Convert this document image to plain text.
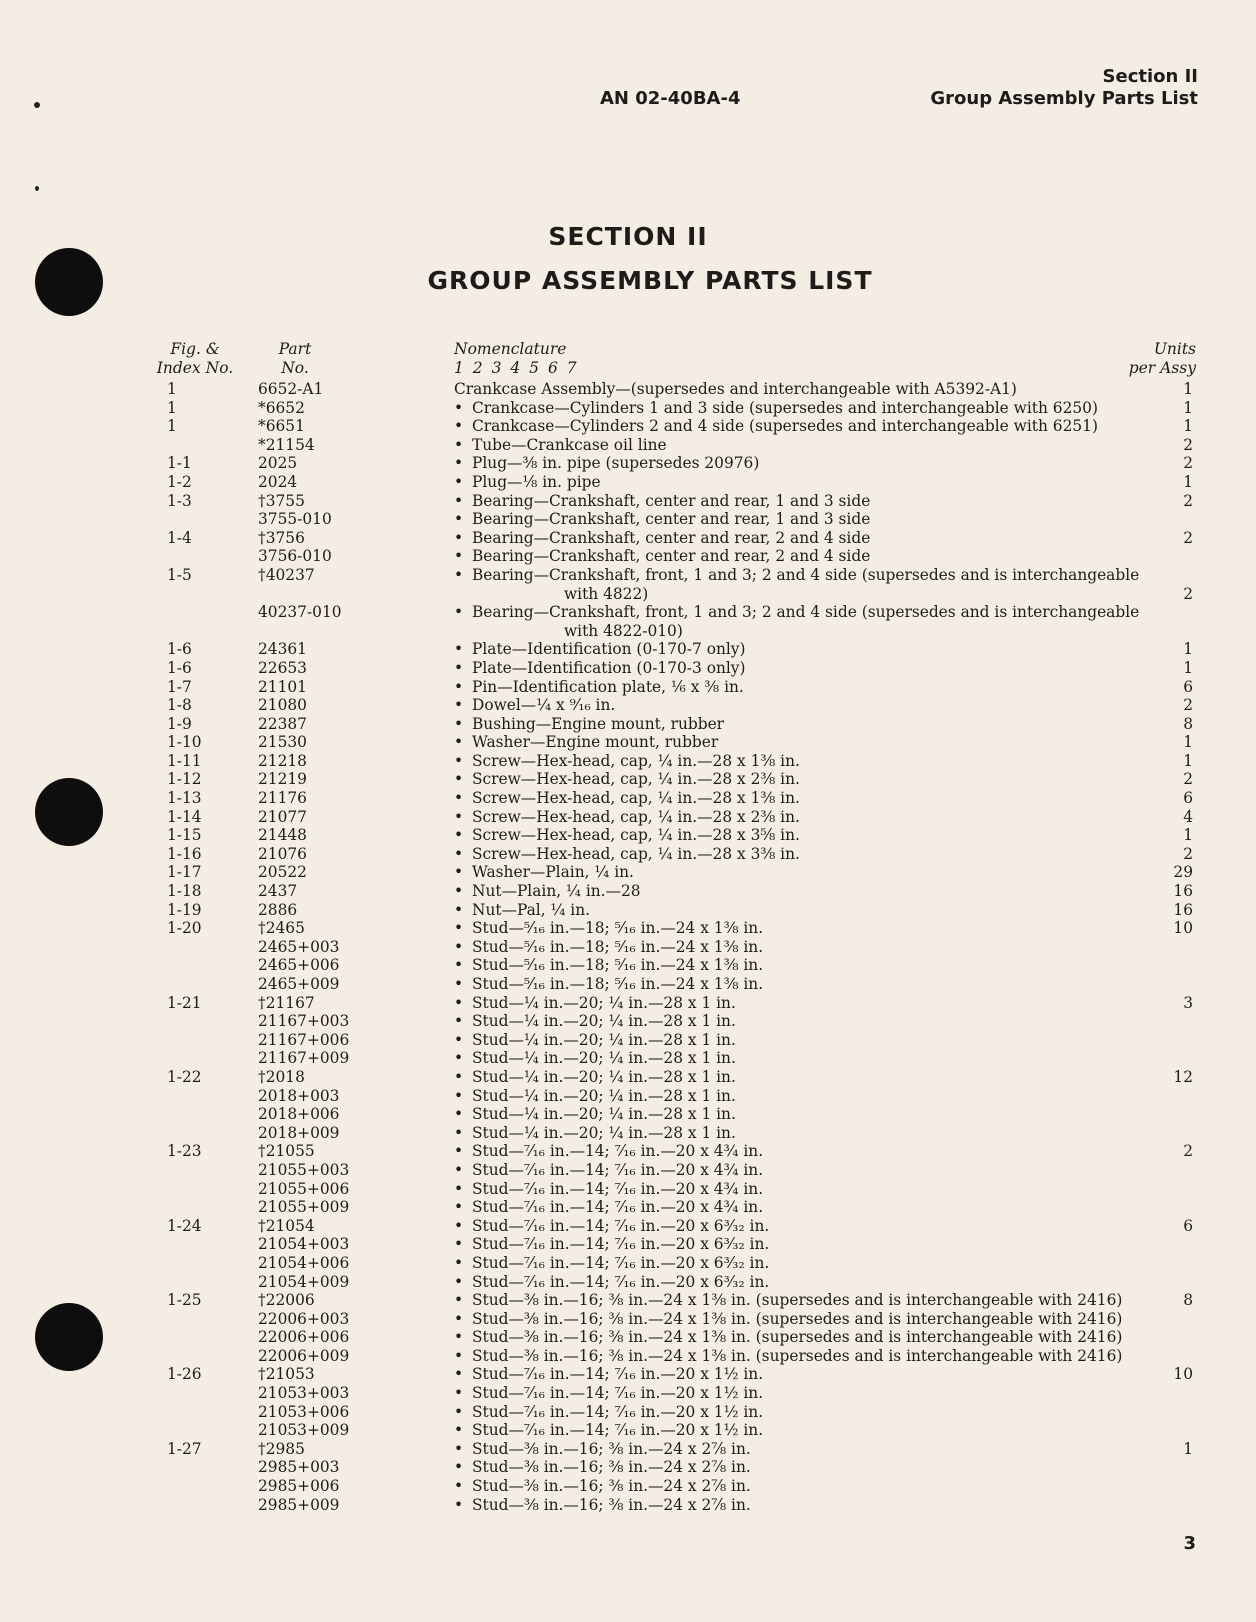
AN 02-40BA-4
Section II
Group Assembly Parts List
SECTION II
GROUP ASSEMBLY PARTS LIST
Fig. &
Index No.
Part
No.
Nomenclature
1 2 3 4 5 6 7
Units
per Assy
1	6652-A1	Crankcase Assembly—(supersedes and interchangeable with A5392-A1)	1
1	*6652	• Crankcase—Cylinders 1 and 3 side (supersedes and interchangeable with 6250)	1
1	*6651	• Crankcase—Cylinders 2 and 4 side (supersedes and interchangeable with 6251)	1
*21154	• Tube—Crankcase oil line	2
1-1	2025	• Plug—⅜ in. pipe (supersedes 20976)	2
1-2	2024	• Plug—⅛ in. pipe	1
1-3	†3755	• Bearing—Crankshaft, center and rear, 1 and 3 side	2
3755-010	• Bearing—Crankshaft, center and rear, 1 and 3 side
1-4	†3756	• Bearing—Crankshaft, center and rear, 2 and 4 side	2
3756-010	• Bearing—Crankshaft, center and rear, 2 and 4 side
1-5	†40237	• Bearing—Crankshaft, front, 1 and 3; 2 and 4 side (supersedes and is interchangeable
with 4822)	2
40237-010	• Bearing—Crankshaft, front, 1 and 3; 2 and 4 side (supersedes and is interchangeable
with 4822-010)
1-6	24361	• Plate—Identification (0-170-7 only)	1
1-6	22653	• Plate—Identification (0-170-3 only)	1
1-7	21101	• Pin—Identification plate, ⅙ x ⅜ in.	6
1-8	21080	• Dowel—¼ x ⁹⁄₁₆ in.	2
1-9	22387	• Bushing—Engine mount, rubber	8
1-10	21530	• Washer—Engine mount, rubber	1
1-11	21218	• Screw—Hex-head, cap, ¼ in.—28 x 1⅜ in.	1
1-12	21219	• Screw—Hex-head, cap, ¼ in.—28 x 2⅜ in.	2
1-13	21176	• Screw—Hex-head, cap, ¼ in.—28 x 1⅜ in.	6
1-14	21077	• Screw—Hex-head, cap, ¼ in.—28 x 2⅜ in.	4
1-15	21448	• Screw—Hex-head, cap, ¼ in.—28 x 3⅝ in.	1
1-16	21076	• Screw—Hex-head, cap, ¼ in.—28 x 3⅜ in.	2
1-17	20522	• Washer—Plain, ¼ in.	29
1-18	2437	• Nut—Plain, ¼ in.—28	16
1-19	2886	• Nut—Pal, ¼ in.	16
1-20	†2465	• Stud—⁵⁄₁₆ in.—18; ⁵⁄₁₆ in.—24 x 1⅜ in.	10
2465+003	• Stud—⁵⁄₁₆ in.—18; ⁵⁄₁₆ in.—24 x 1⅜ in.
2465+006	• Stud—⁵⁄₁₆ in.—18; ⁵⁄₁₆ in.—24 x 1⅜ in.
2465+009	• Stud—⁵⁄₁₆ in.—18; ⁵⁄₁₆ in.—24 x 1⅜ in.
1-21	†21167	• Stud—¼ in.—20; ¼ in.—28 x 1 in.	3
21167+003	• Stud—¼ in.—20; ¼ in.—28 x 1 in.
21167+006	• Stud—¼ in.—20; ¼ in.—28 x 1 in.
21167+009	• Stud—¼ in.—20; ¼ in.—28 x 1 in.
1-22	†2018	• Stud—¼ in.—20; ¼ in.—28 x 1 in.	12
2018+003	• Stud—¼ in.—20; ¼ in.—28 x 1 in.
2018+006	• Stud—¼ in.—20; ¼ in.—28 x 1 in.
2018+009	• Stud—¼ in.—20; ¼ in.—28 x 1 in.
1-23	†21055	• Stud—⁷⁄₁₆ in.—14; ⁷⁄₁₆ in.—20 x 4¾ in.	2
21055+003	• Stud—⁷⁄₁₆ in.—14; ⁷⁄₁₆ in.—20 x 4¾ in.
21055+006	• Stud—⁷⁄₁₆ in.—14; ⁷⁄₁₆ in.—20 x 4¾ in.
21055+009	• Stud—⁷⁄₁₆ in.—14; ⁷⁄₁₆ in.—20 x 4¾ in.
1-24	†21054	• Stud—⁷⁄₁₆ in.—14; ⁷⁄₁₆ in.—20 x 6³⁄₃₂ in.	6
21054+003	• Stud—⁷⁄₁₆ in.—14; ⁷⁄₁₆ in.—20 x 6³⁄₃₂ in.
21054+006	• Stud—⁷⁄₁₆ in.—14; ⁷⁄₁₆ in.—20 x 6³⁄₃₂ in.
21054+009	• Stud—⁷⁄₁₆ in.—14; ⁷⁄₁₆ in.—20 x 6³⁄₃₂ in.
1-25	†22006	• Stud—⅜ in.—16; ⅜ in.—24 x 1⅜ in. (supersedes and is interchangeable with 2416)	8
22006+003	• Stud—⅜ in.—16; ⅜ in.—24 x 1⅜ in. (supersedes and is interchangeable with 2416)
22006+006	• Stud—⅜ in.—16; ⅜ in.—24 x 1⅜ in. (supersedes and is interchangeable with 2416)
22006+009	• Stud—⅜ in.—16; ⅜ in.—24 x 1⅜ in. (supersedes and is interchangeable with 2416)
1-26	†21053	• Stud—⁷⁄₁₆ in.—14; ⁷⁄₁₆ in.—20 x 1½ in.	10
21053+003	• Stud—⁷⁄₁₆ in.—14; ⁷⁄₁₆ in.—20 x 1½ in.
21053+006	• Stud—⁷⁄₁₆ in.—14; ⁷⁄₁₆ in.—20 x 1½ in.
21053+009	• Stud—⁷⁄₁₆ in.—14; ⁷⁄₁₆ in.—20 x 1½ in.
1-27	†2985	• Stud—⅜ in.—16; ⅜ in.—24 x 2⅞ in.	1
2985+003	• Stud—⅜ in.—16; ⅜ in.—24 x 2⅞ in.
2985+006	• Stud—⅜ in.—16; ⅜ in.—24 x 2⅞ in.
2985+009	• Stud—⅜ in.—16; ⅜ in.—24 x 2⅞ in.
3
